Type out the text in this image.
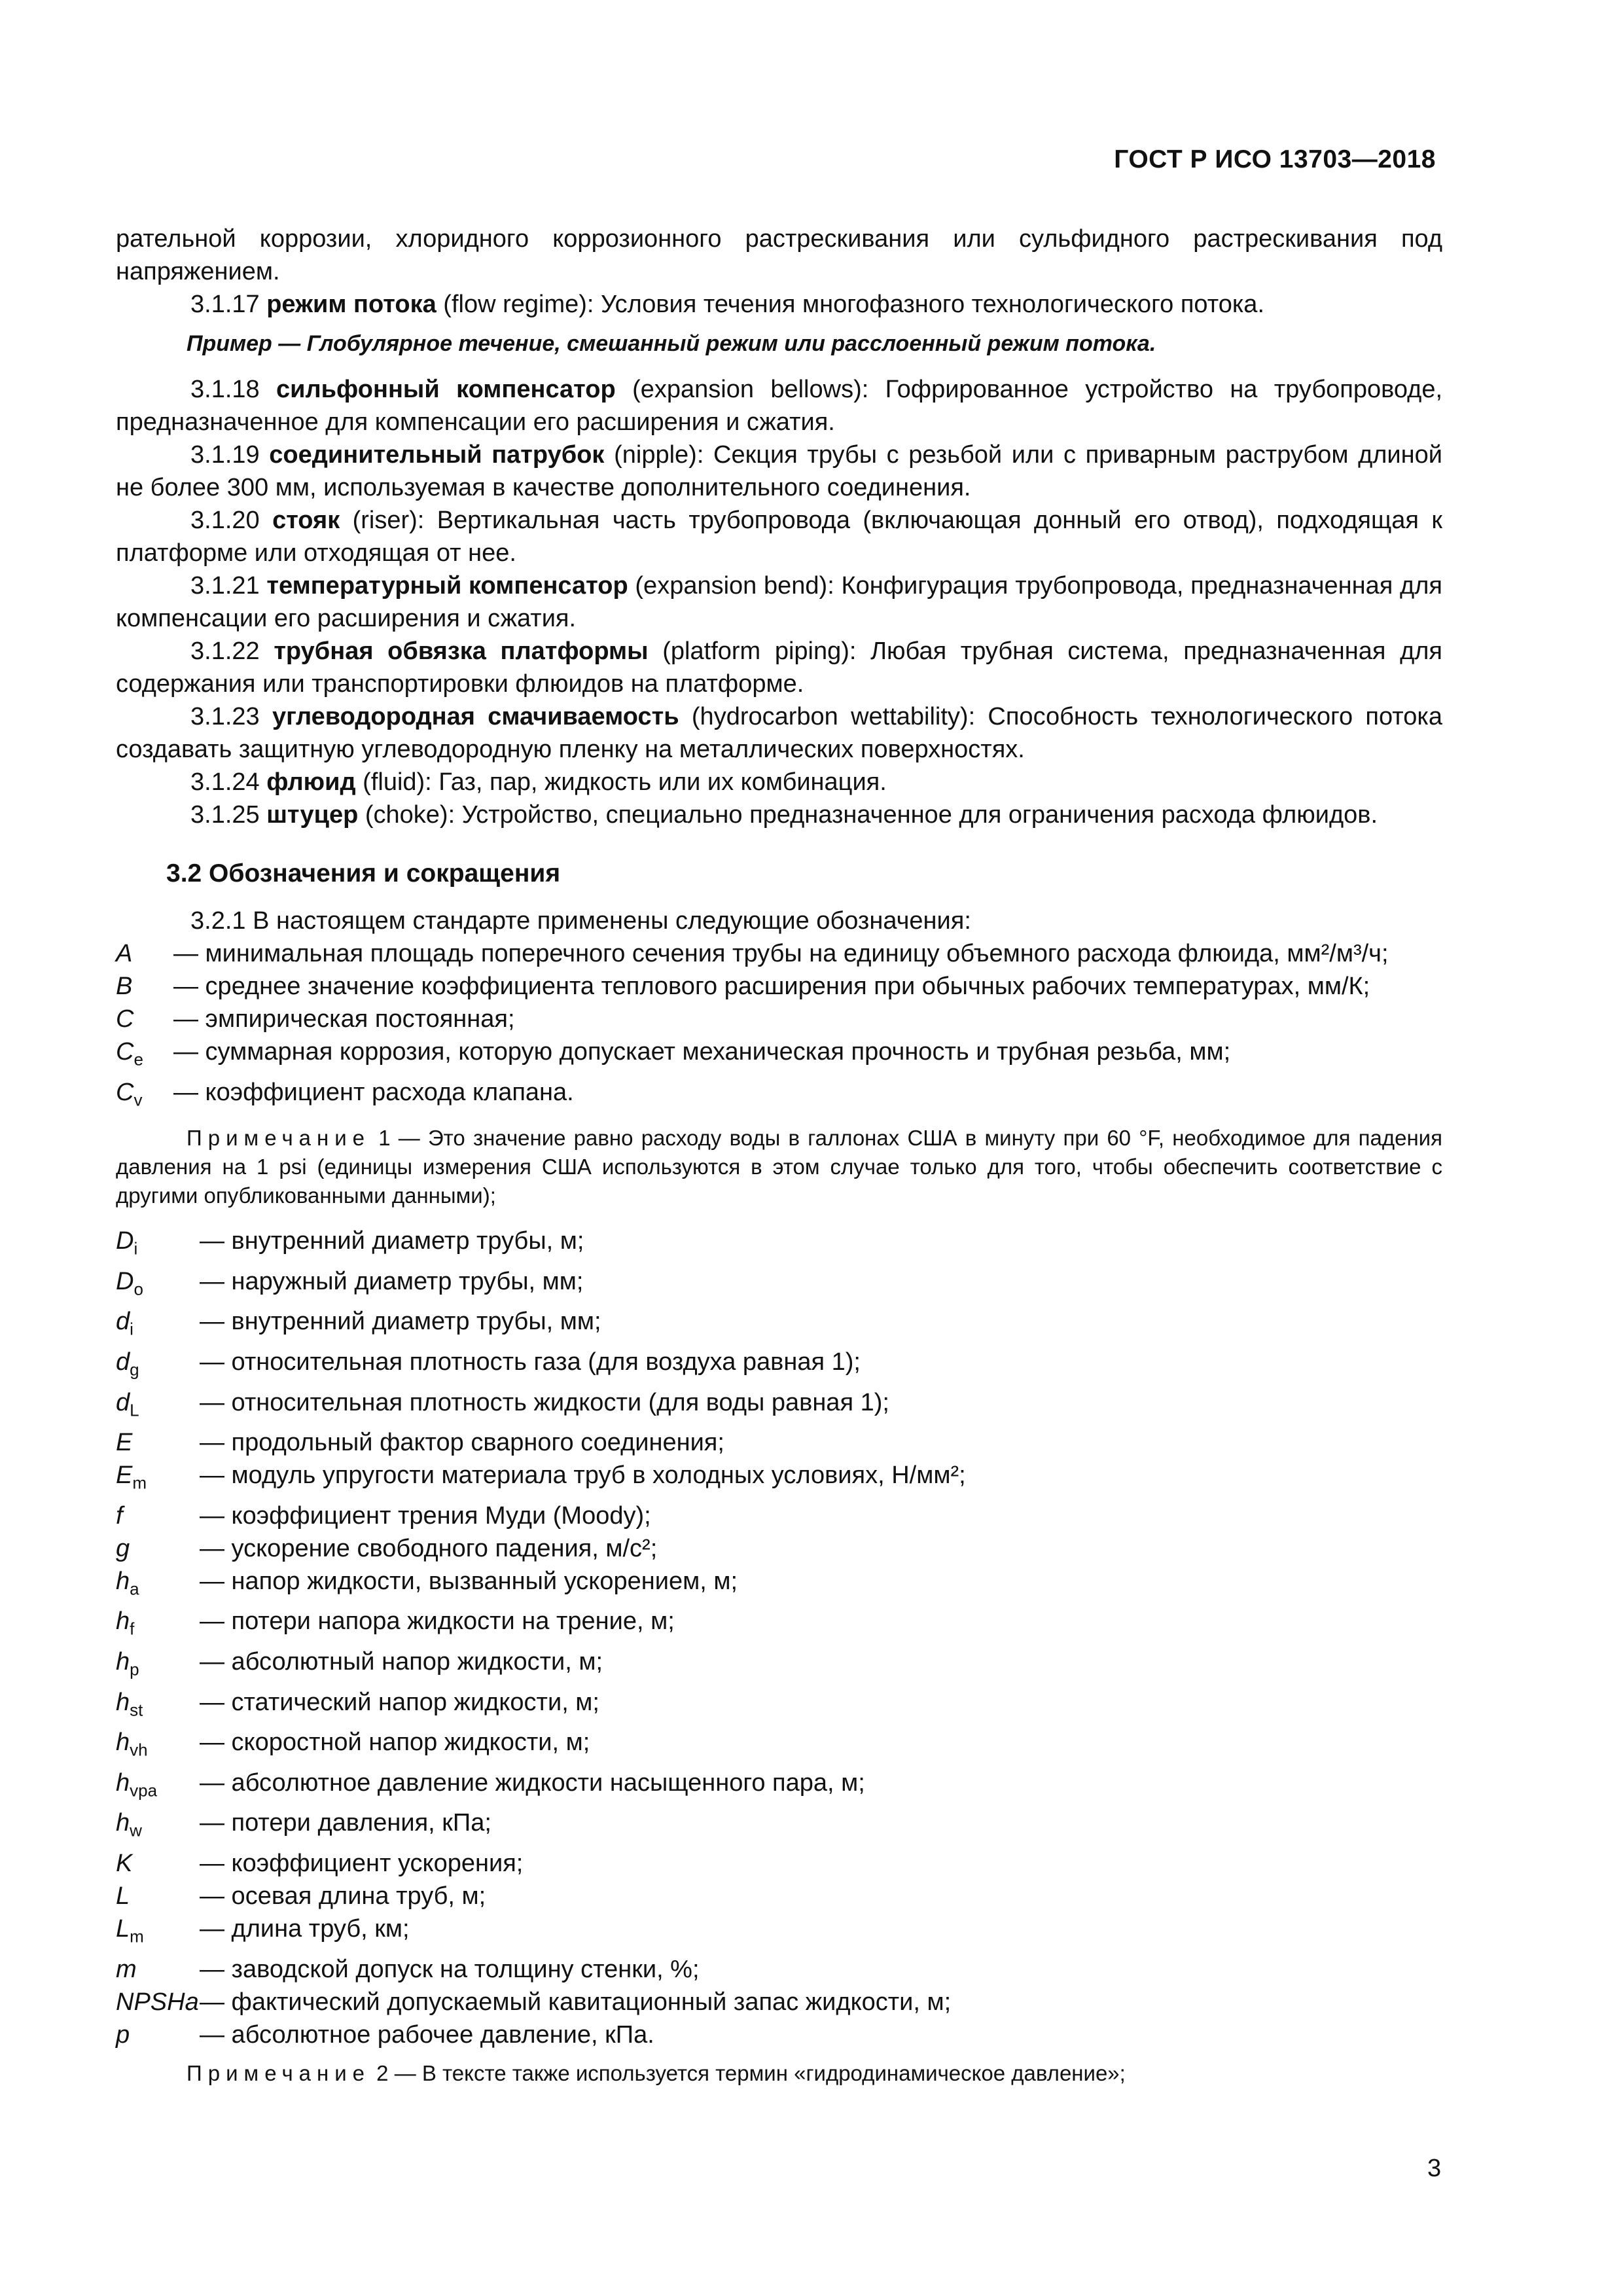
ГОСТ Р ИСО 13703—2018

рательной коррозии, хлоридного коррозионного растрескивания или сульфидного растрескивания под напряжением.

3.1.17 режим потока (flow regime): Условия течения многофазного технологического потока.

Пример — Глобулярное течение, смешанный режим или расслоенный режим потока.

3.1.18 сильфонный компенсатор (expansion bellows): Гофрированное устройство на трубопроводе, предназначенное для компенсации его расширения и сжатия.

3.1.19 соединительный патрубок (nipple): Секция трубы с резьбой или с приварным раструбом длиной не более 300 мм, используемая в качестве дополнительного соединения.

3.1.20 стояк (riser): Вертикальная часть трубопровода (включающая донный его отвод), подходящая к платформе или отходящая от нее.

3.1.21 температурный компенсатор (expansion bend): Конфигурация трубопровода, предназначенная для компенсации его расширения и сжатия.

3.1.22 трубная обвязка платформы (platform piping): Любая трубная система, предназначенная для содержания или транспортировки флюидов на платформе.

3.1.23 углеводородная смачиваемость (hydrocarbon wettability): Способность технологического потока создавать защитную углеводородную пленку на металлических поверхностях.

3.1.24 флюид (fluid): Газ, пар, жидкость или их комбинация.

3.1.25 штуцер (choke): Устройство, специально предназначенное для ограничения расхода флюидов.

3.2 Обозначения и сокращения

3.2.1 В настоящем стандарте применены следующие обозначения:

A	— минимальная площадь поперечного сечения трубы на единицу объемного расхода флюида, мм²/м³/ч;
B	— среднее значение коэффициента теплового расширения при обычных рабочих температурах, мм/К;
C	— эмпирическая постоянная;
$C_e$	— суммарная коррозия, которую допускает механическая прочность и трубная резьба, мм;
$C_v$	— коэффициент расхода клапана.

Примечание 1 — Это значение равно расходу воды в галлонах США в минуту при 60 °F, необходимое для падения давления на 1 psi (единицы измерения США используются в этом случае только для того, чтобы обеспечить соответствие с другими опубликованными данными);

$D_i$	— внутренний диаметр трубы, м;
$D_o$	— наружный диаметр трубы, мм;
$d_i$	— внутренний диаметр трубы, мм;
$d_g$	— относительная плотность газа (для воздуха равная 1);
$d_L$	— относительная плотность жидкости (для воды равная 1);
E	— продольный фактор сварного соединения;
$E_m$	— модуль упругости материала труб в холодных условиях, Н/мм²;
f	— коэффициент трения Муди (Moody);
g	— ускорение свободного падения, м/с²;
$h_a$	— напор жидкости, вызванный ускорением, м;
$h_f$	— потери напора жидкости на трение, м;
$h_p$	— абсолютный напор жидкости, м;
$h_{st}$	— статический напор жидкости, м;
$h_{vh}$	— скоростной напор жидкости, м;
$h_{vpa}$	— абсолютное давление жидкости насыщенного пара, м;
$h_w$	— потери давления, кПа;
K	— коэффициент ускорения;
L	— осевая длина труб, м;
$L_m$	— длина труб, км;
m	— заводской допуск на толщину стенки, %;
NPSHa — фактический допускаемый кавитационный запас жидкости, м;
p	— абсолютное рабочее давление, кПа.

Примечание 2 — В тексте также используется термин «гидродинамическое давление»;

3
